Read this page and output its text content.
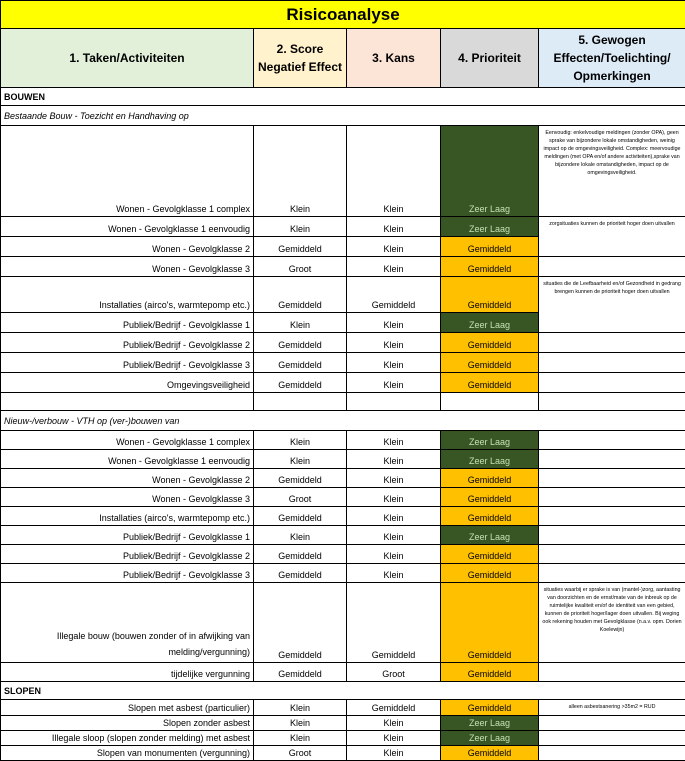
Risicoanalyse				
1. Taken/Activiteiten	2. Score Negatief Effect	3. Kans	4. Prioriteit	5. Gewogen Effecten/Toelichting/ Opmerkingen
BOUWEN				
Bestaande Bouw - Toezicht en Handhaving op				
Wonen - Gevolgklasse 1 complex	Klein	Klein	Zeer Laag	Eenvoudig: enkelvoudige meldingen (zonder OPA), geen sprake van bijzondere lokale omstandigheden, weinig impact op de omgevingsveiligheid. Complex: meervoudige meldingen (met OPA en/of andere activiteiten),sprake van bijzondere lokale omstandigheden, impact op de omgevingsveiligheid.
Wonen - Gevolgklasse 1 eenvoudig	Klein	Klein	Zeer Laag	zorgsituaties kunnen de prioriteit hoger doen uitvallen
Wonen - Gevolgklasse 2	Gemiddeld	Klein	Gemiddeld	
Wonen - Gevolgklasse 3	Groot	Klein	Gemiddeld	
Installaties (airco's, warmtepomp etc.)	Gemiddeld	Gemiddeld	Gemiddeld	situaties die de Leefbaarheid en/of Gezondheid in gedrang brengen kunnen de prioriteit hoger doen uitvallen
Publiek/Bedrijf - Gevolgklasse 1	Klein	Klein	Zeer Laag	
Publiek/Bedrijf - Gevolgklasse 2	Gemiddeld	Klein	Gemiddeld	
Publiek/Bedrijf - Gevolgklasse 3	Gemiddeld	Klein	Gemiddeld	
Omgevingsveiligheid	Gemiddeld	Klein	Gemiddeld	

Nieuw-/verbouw - VTH op (ver-)bouwen van				
Wonen - Gevolgklasse 1 complex	Klein	Klein	Zeer Laag	
Wonen - Gevolgklasse 1 eenvoudig	Klein	Klein	Zeer Laag	
Wonen - Gevolgklasse 2	Gemiddeld	Klein	Gemiddeld	
Wonen - Gevolgklasse 3	Groot	Klein	Gemiddeld	
Installaties (airco's, warmtepomp etc.)	Gemiddeld	Klein	Gemiddeld	
Publiek/Bedrijf - Gevolgklasse 1	Klein	Klein	Zeer Laag	
Publiek/Bedrijf - Gevolgklasse 2	Gemiddeld	Klein	Gemiddeld	
Publiek/Bedrijf - Gevolgklasse 3	Gemiddeld	Klein	Gemiddeld	
Illegale bouw (bouwen zonder of in afwijking van melding/vergunning)	Gemiddeld	Gemiddeld	Gemiddeld	situaties waarbij er sprake is van (mantel-)zorg, aantasting van doorzichten en de ernst/mate van de inbreuk op de ruimtelijke kwaliteit en/of de identiteit van een gebied, kunnen de prioriteit hoger/lager doen uitvallen. Bij weging ook rekening houden met Gevolgklasse (n.a.v. opm. Dorien Koelewijn)
tijdelijke vergunning	Gemiddeld	Groot	Gemiddeld	
SLOPEN				
Slopen met asbest (particulier)	Klein	Gemiddeld	Gemiddeld	alleen asbestsanering >35m2 = RUD
Slopen zonder asbest	Klein	Klein	Zeer Laag	
Illegale sloop (slopen zonder melding) met asbest	Klein	Klein	Zeer Laag	
Slopen van monumenten (vergunning)	Groot	Klein	Gemiddeld	
